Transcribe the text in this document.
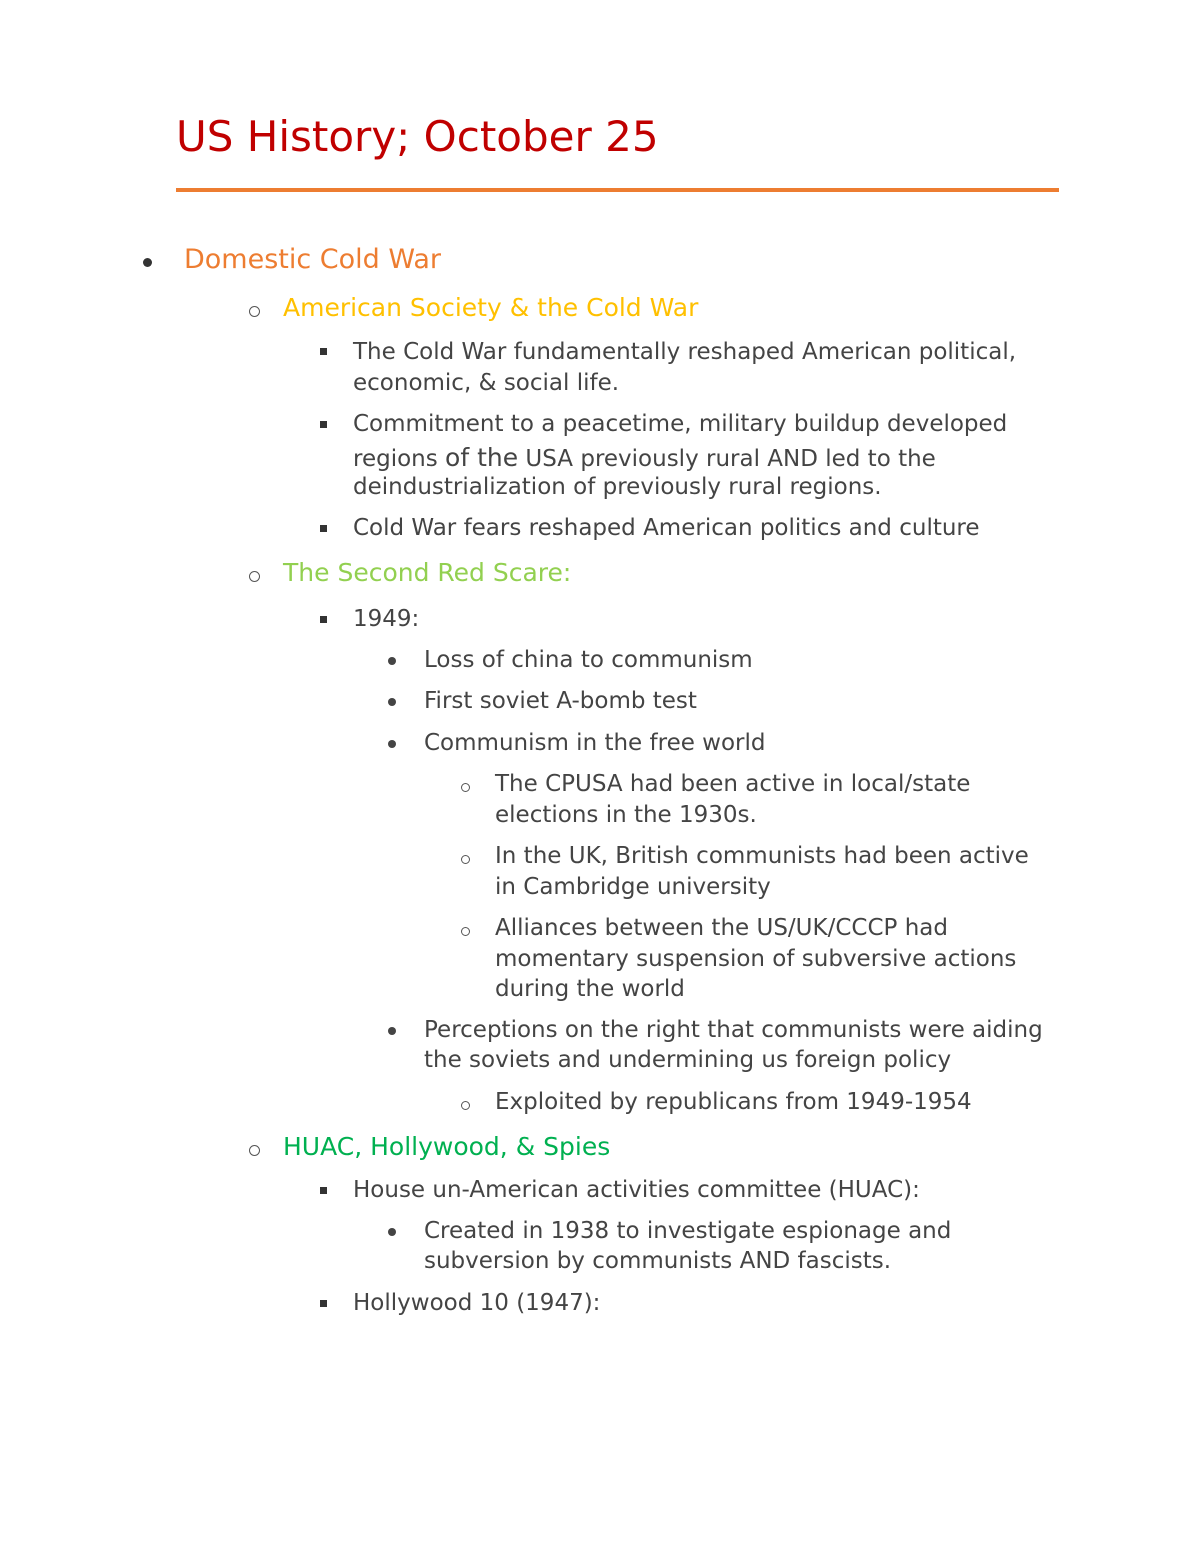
US History; October 25
Domestic Cold War
American Society & the Cold War
The Cold War fundamentally reshaped American political,
economic, & social life.
Commitment to a peacetime, military buildup developed
regions of the USA previously rural AND led to the
deindustrialization of previously rural regions.
Cold War fears reshaped American politics and culture
The Second Red Scare:
1949:
Loss of china to communism
First soviet A-bomb test
Communism in the free world
The CPUSA had been active in local/state
elections in the 1930s.
In the UK, British communists had been active
in Cambridge university
Alliances between the US/UK/CCCP had
momentary suspension of subversive actions
during the world
Perceptions on the right that communists were aiding
the soviets and undermining us foreign policy
Exploited by republicans from 1949-1954
HUAC, Hollywood, & Spies
House un-American activities committee (HUAC):
Created in 1938 to investigate espionage and
subversion by communists AND fascists.
Hollywood 10 (1947):
